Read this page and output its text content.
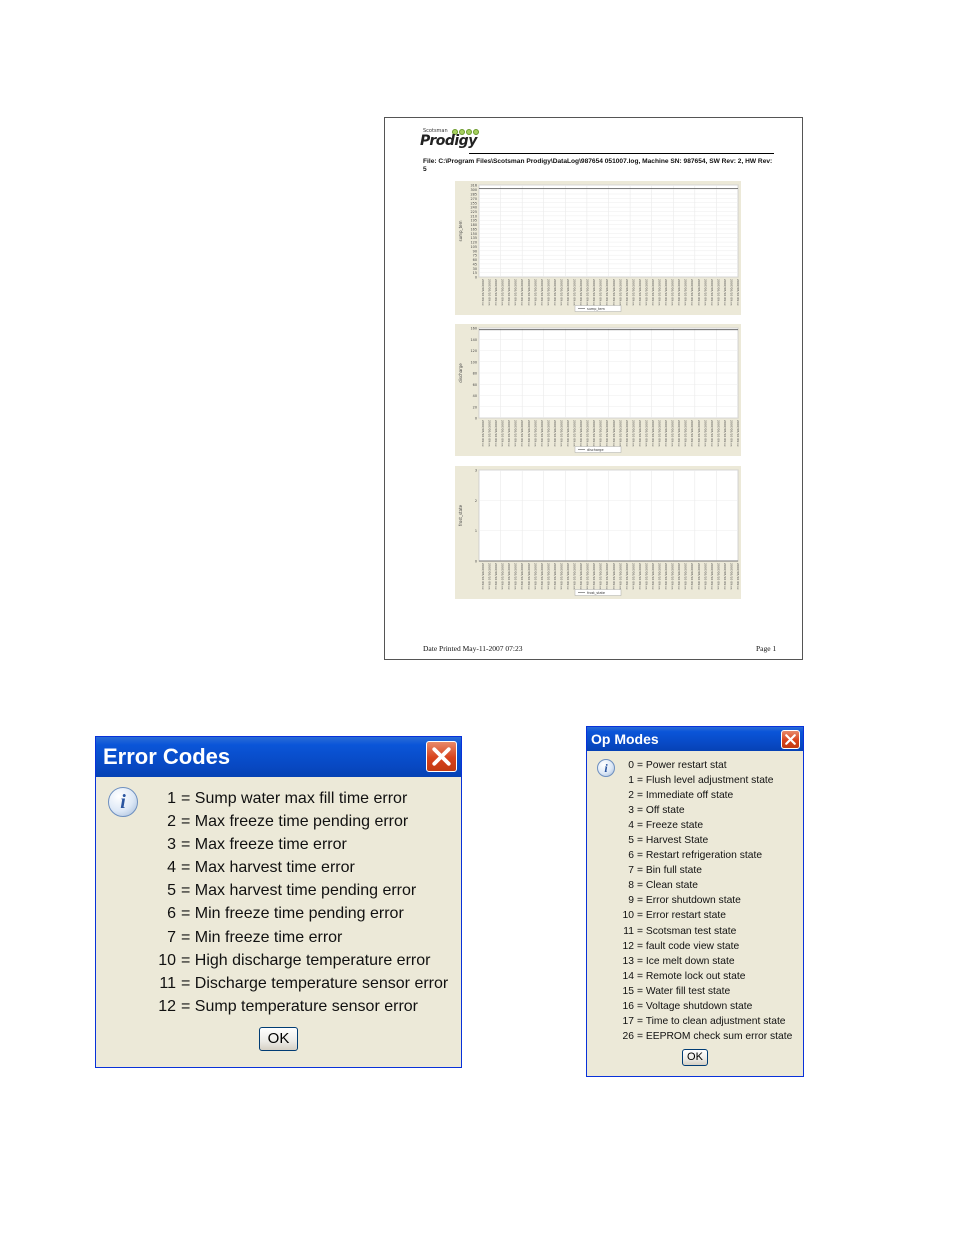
Scotsman
Prodigy
File: C:\Program Files\Scotsman Prodigy\DataLog\987654 051007.log, Machine SN: 987654, SW Rev: 2, HW Rev: 5
0
15
30
45
60
75
90
105
120
135
150
165
180
195
210
225
240
255
270
285
300
316
sump_tem
2007/05/10 09:xx 2007/05/10 09:xx 2007/05/10 09:xx 2007/05/10 09:xx 2007/05/10 09:xx 2007/05/10 09:xx 2007/05/10 09:xx 2007/05/10 09:xx 2007/05/10 09:xx 2007/05/10 09:xx 2007/05/10 09:xx 2007/05/10 09:xx 2007/05/10 09:xx 2007/05/10 09:xx 2007/05/10 09:xx 2007/05/10 09:xx 2007/05/10 09:xx 2007/05/10 09:xx 2007/05/10 09:xx 2007/05/10 09:xx 2007/05/10 09:xx 2007/05/10 09:xx 2007/05/10 09:xx 2007/05/10 09:xx 2007/05/10 09:xx 2007/05/10 09:xx 2007/05/10 09:xx 2007/05/10 09:xx 2007/05/10 09:xx 2007/05/10 09:xx 2007/05/10 09:xx 2007/05/10 09:xx 2007/05/10 09:xx 2007/05/10 09:xx 2007/05/10 09:xx 2007/05/10 09:xx 2007/05/10 09:xx 2007/05/10 09:xx 2007/05/10 09:xx 2007/05/10 09:xx
sump_tem
0
20
40
60
80
100
120
140
160
discharge
2007/05/10 09:xx 2007/05/10 09:xx 2007/05/10 09:xx 2007/05/10 09:xx 2007/05/10 09:xx 2007/05/10 09:xx 2007/05/10 09:xx 2007/05/10 09:xx 2007/05/10 09:xx 2007/05/10 09:xx 2007/05/10 09:xx 2007/05/10 09:xx 2007/05/10 09:xx 2007/05/10 09:xx 2007/05/10 09:xx 2007/05/10 09:xx 2007/05/10 09:xx 2007/05/10 09:xx 2007/05/10 09:xx 2007/05/10 09:xx 2007/05/10 09:xx 2007/05/10 09:xx 2007/05/10 09:xx 2007/05/10 09:xx 2007/05/10 09:xx 2007/05/10 09:xx 2007/05/10 09:xx 2007/05/10 09:xx 2007/05/10 09:xx 2007/05/10 09:xx 2007/05/10 09:xx 2007/05/10 09:xx 2007/05/10 09:xx 2007/05/10 09:xx 2007/05/10 09:xx 2007/05/10 09:xx 2007/05/10 09:xx 2007/05/10 09:xx 2007/05/10 09:xx 2007/05/10 09:xx
discharge
0
1
2
3
frost_state
2007/05/10 09:xx 2007/05/10 09:xx 2007/05/10 09:xx 2007/05/10 09:xx 2007/05/10 09:xx 2007/05/10 09:xx 2007/05/10 09:xx 2007/05/10 09:xx 2007/05/10 09:xx 2007/05/10 09:xx 2007/05/10 09:xx 2007/05/10 09:xx 2007/05/10 09:xx 2007/05/10 09:xx 2007/05/10 09:xx 2007/05/10 09:xx 2007/05/10 09:xx 2007/05/10 09:xx 2007/05/10 09:xx 2007/05/10 09:xx 2007/05/10 09:xx 2007/05/10 09:xx 2007/05/10 09:xx 2007/05/10 09:xx 2007/05/10 09:xx 2007/05/10 09:xx 2007/05/10 09:xx 2007/05/10 09:xx 2007/05/10 09:xx 2007/05/10 09:xx 2007/05/10 09:xx 2007/05/10 09:xx 2007/05/10 09:xx 2007/05/10 09:xx 2007/05/10 09:xx 2007/05/10 09:xx 2007/05/10 09:xx 2007/05/10 09:xx 2007/05/10 09:xx 2007/05/10 09:xx
frost_state
Date Printed May-11-2007 07:23	Page 1
Error Codes
i	1 = Sump water max fill time error
2 = Max freeze time pending error
3 = Max freeze time error
4 = Max harvest time error
5 = Max harvest time pending error
6 = Min freeze time pending error
7 = Min freeze time error
10 = High discharge temperature error
11 = Discharge temperature sensor error
12 = Sump temperature sensor error
OK
Op Modes
i	0 = Power restart stat
1 = Flush level adjustment state
2 = Immediate off state
3 = Off state
4 = Freeze state
5 = Harvest State
6 = Restart refrigeration state
7 = Bin full state
8 = Clean state
9 = Error shutdown state
10 = Error restart state
11 = Scotsman test state
12 = fault code view state
13 = Ice melt down state
14 = Remote lock out state
15 = Water fill test state
16 = Voltage shutdown state
17 = Time to clean adjustment state
26 = EEPROM check sum error state
OK
